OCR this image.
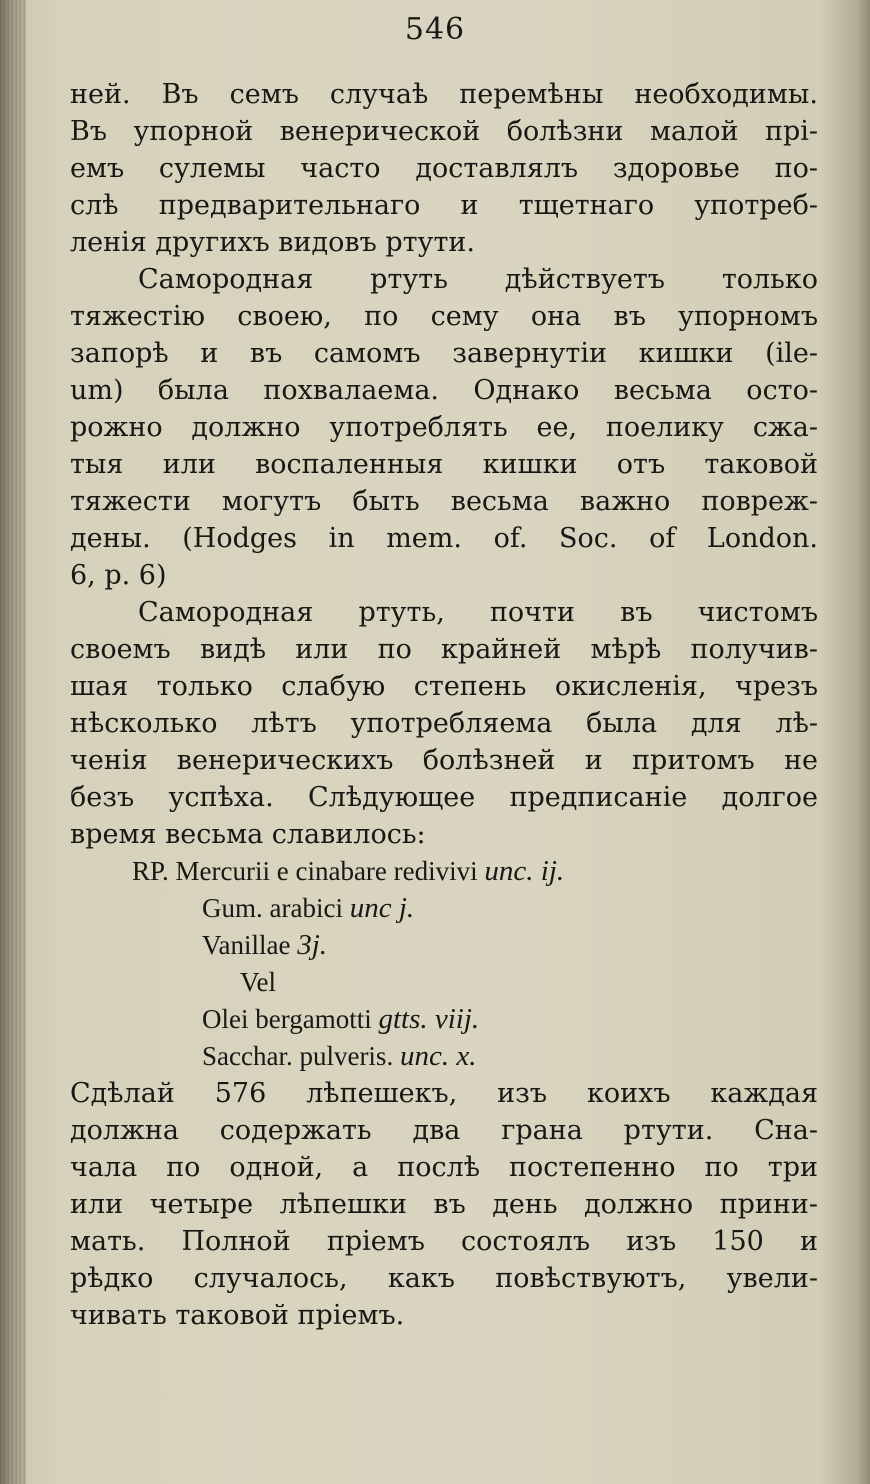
546
ней. Въ семъ случаѣ перемѣны необходимы.
Въ упорной венерической болѣзни малой прі-
емъ сулемы часто доставлялъ здоровье по-
слѣ предварительнаго и тщетнаго употреб-
ленія другихъ видовъ ртути.
Самородная ртуть дѣйствуетъ только
тяжестію своею, по сему она въ упорномъ
запорѣ и въ самомъ завернутіи кишки (ile-
um) была похвалаема. Однако весьма осто-
рожно должно употреблять ее, поелику сжа-
тыя или воспаленныя кишки отъ таковой
тяжести могутъ быть весьма важно повреж-
дены. (Hodges in mem. of. Soc. of London.
6, p. 6)
Самородная ртуть, почти въ чистомъ
своемъ видѣ или по крайней мѣрѣ получив-
шая только слабую степень окисленія, чрезъ
нѣсколько лѣтъ употребляема была для лѣ-
ченія венерическихъ болѣзней и притомъ не
безъ успѣха. Слѣдующее предписаніе долгое
время весьма славилось:
RP. Mercurii e cinabare redivivi unc. ij.
Gum. arabici unc j.
Vanillae 3j.
Vel
Olei bergamotti gtts. viij.
Sacchar. pulveris. unc. x.
Сдѣлай 576 лѣпешекъ, изъ коихъ каждая
должна содержать два грана ртути. Сна-
чала по одной, а послѣ постепенно по три
или четыре лѣпешки въ день должно прини-
мать. Полной пріемъ состоялъ изъ 150 и
рѣдко случалось, какъ повѣствуютъ, увели-
чивать таковой пріемъ.
